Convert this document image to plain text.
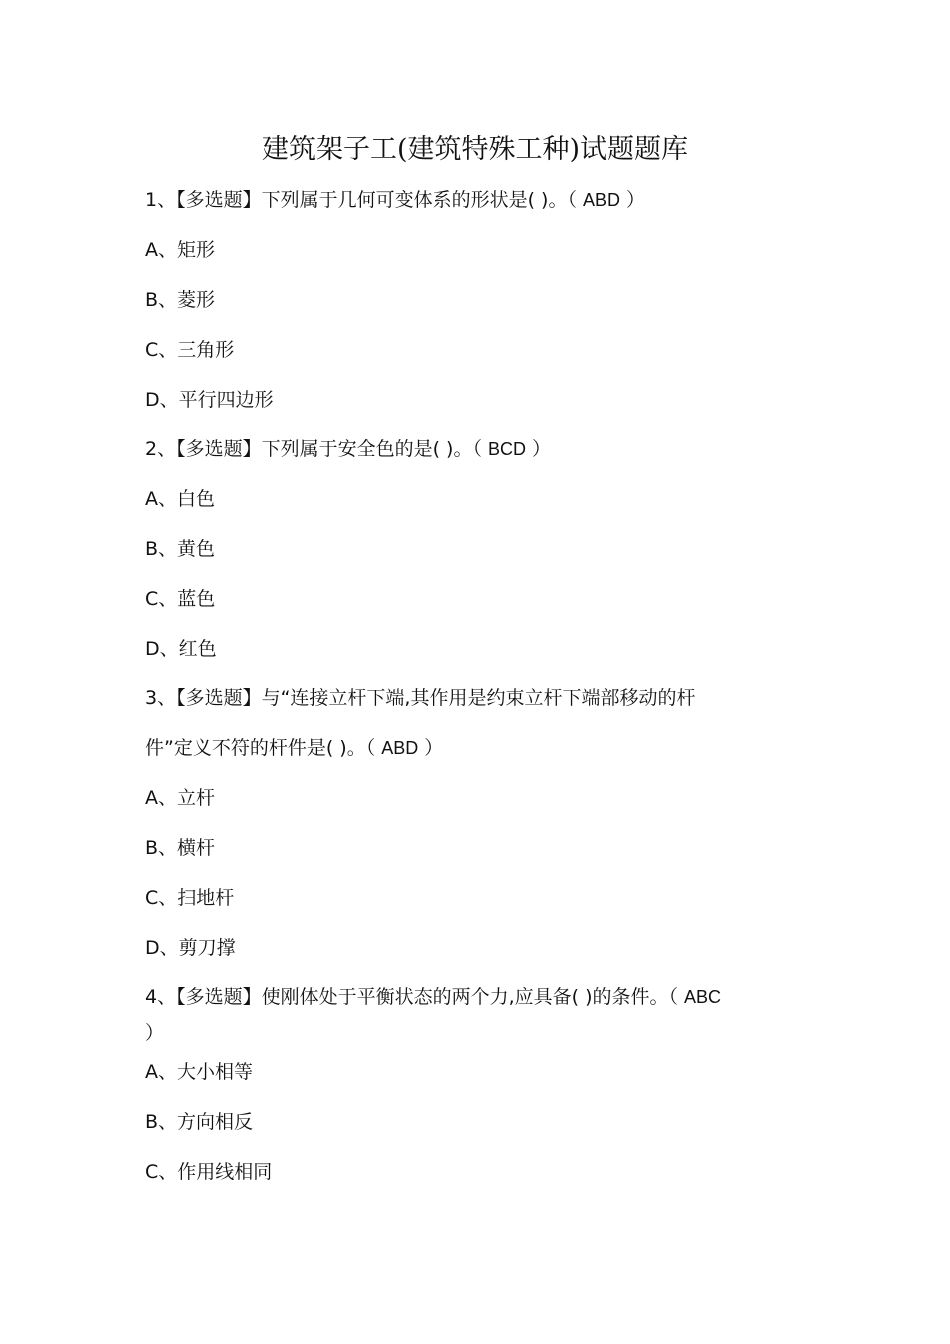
建筑架子工(建筑特殊工种)试题题库
1、【多选题】下列属于几何可变体系的形状是( )。（ ABD ）
A、矩形
B、菱形
C、三角形
D、平行四边形
2、【多选题】下列属于安全色的是( )。（ BCD ）
A、白色
B、黄色
C、蓝色
D、红色
3、【多选题】与“连接立杆下端,其作用是约束立杆下端部移动的杆
件”定义不符的杆件是( )。（ ABD ）
A、立杆
B、横杆
C、扫地杆
D、剪刀撑
4、【多选题】使刚体处于平衡状态的两个力,应具备( )的条件。（ ABC
）
A、大小相等
B、方向相反
C、作用线相同
